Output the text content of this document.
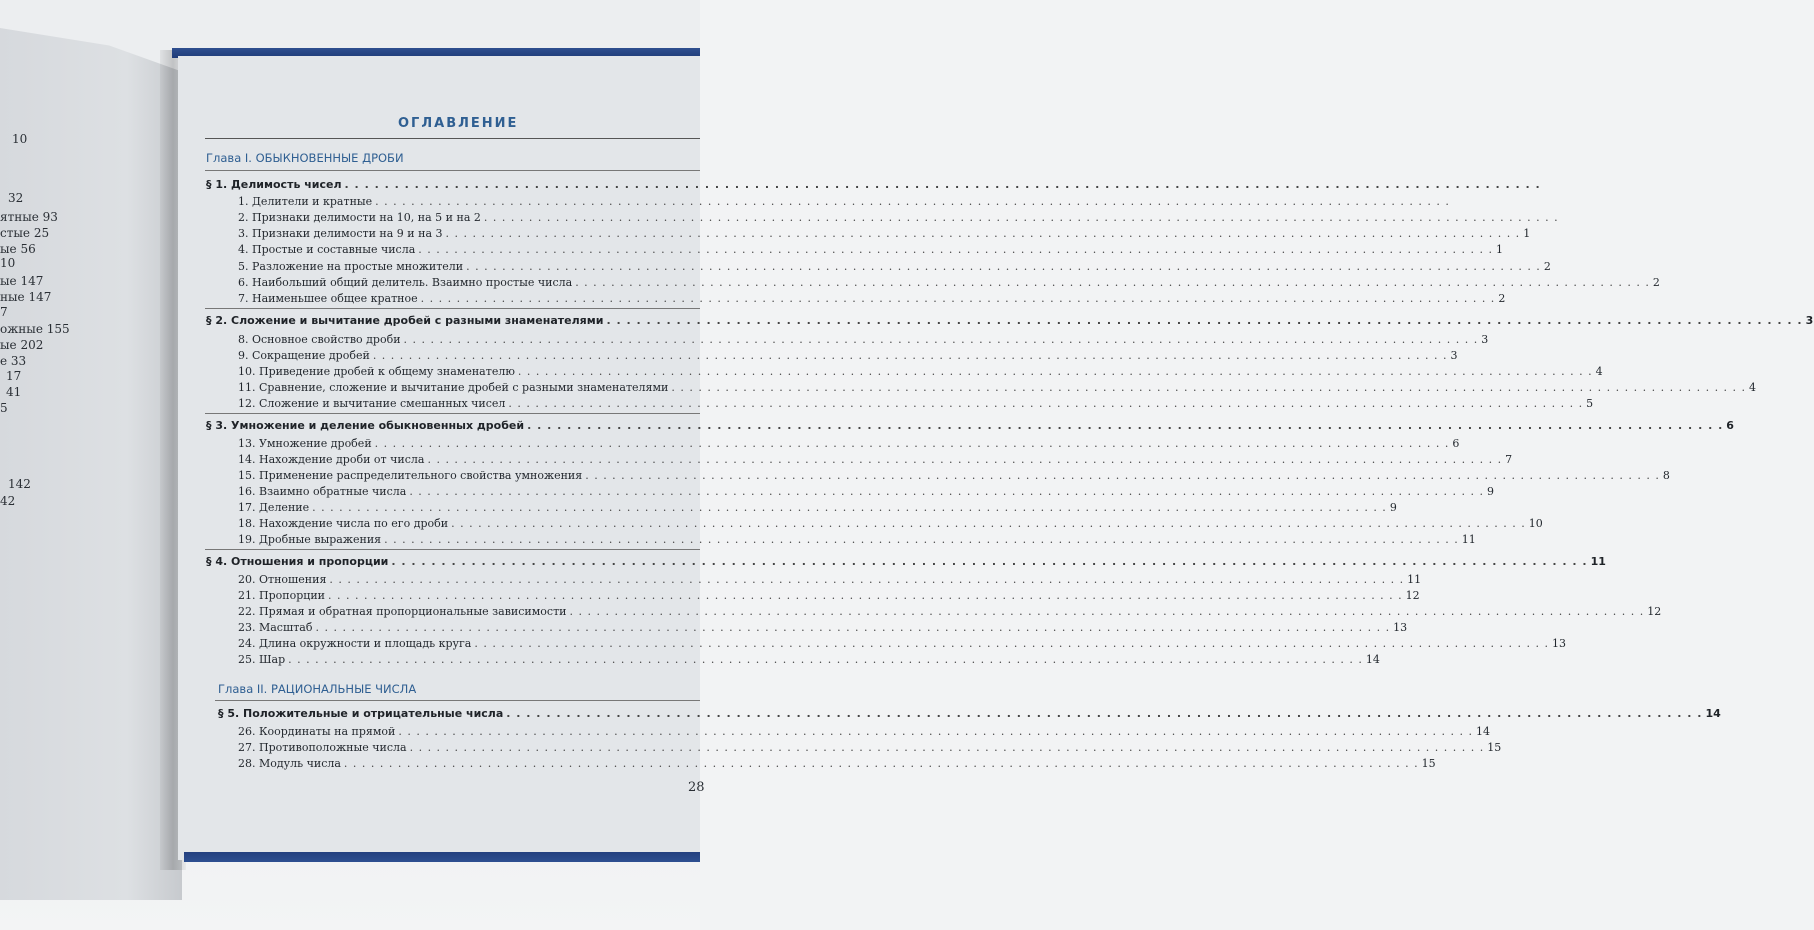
10
32
ятные 93
стые 25
ые 56
10
ые 147
ные 147
7
ожные 155
ые 202
е 33
17
41
5
142
42
ОГЛАВЛЕНИЕ
Глава I. ОБЫКНОВЕННЫЕ ДРОБИ
Глава II. РАЦИОНАЛЬНЫЕ ЧИСЛА
§ 1. Делимость чисел . . . . . . . . . . . . . . . . . . . . . . . . . . . . . . . . . . . . . . . . . . . . . . . . . . . . . . . . . . . . . . . . . . . . . . . . . . . . . . . . . . . . . . . . . . . . . . . . . . . . . . . . . . . . . . . . . . . . . . . .
1. Делители и кратные . . . . . . . . . . . . . . . . . . . . . . . . . . . . . . . . . . . . . . . . . . . . . . . . . . . . . . . . . . . . . . . . . . . . . . . . . . . . . . . . . . . . . . . . . . . . . . . . . . . . . . . . . . . . . . . . . . . . . . . .
2. Признаки делимости на 10, на 5 и на 2 . . . . . . . . . . . . . . . . . . . . . . . . . . . . . . . . . . . . . . . . . . . . . . . . . . . . . . . . . . . . . . . . . . . . . . . . . . . . . . . . . . . . . . . . . . . . . . . . . . . . . . . . . . . . . . . . . . . . . . . .
3. Признаки делимости на 9 и на 3 . . . . . . . . . . . . . . . . . . . . . . . . . . . . . . . . . . . . . . . . . . . . . . . . . . . . . . . . . . . . . . . . . . . . . . . . . . . . . . . . . . . . . . . . . . . . . . . . . . . . . . . . . . . . . . . . . . . . . . . . 1
4. Простые и составные числа . . . . . . . . . . . . . . . . . . . . . . . . . . . . . . . . . . . . . . . . . . . . . . . . . . . . . . . . . . . . . . . . . . . . . . . . . . . . . . . . . . . . . . . . . . . . . . . . . . . . . . . . . . . . . . . . . . . . . . . . 1
5. Разложение на простые множители . . . . . . . . . . . . . . . . . . . . . . . . . . . . . . . . . . . . . . . . . . . . . . . . . . . . . . . . . . . . . . . . . . . . . . . . . . . . . . . . . . . . . . . . . . . . . . . . . . . . . . . . . . . . . . . . . . . . . . . . 2
6. Наибольший общий делитель. Взаимно простые числа . . . . . . . . . . . . . . . . . . . . . . . . . . . . . . . . . . . . . . . . . . . . . . . . . . . . . . . . . . . . . . . . . . . . . . . . . . . . . . . . . . . . . . . . . . . . . . . . . . . . . . . . . . . . . . . . . . . . . . . . 2
7. Наименьшее общее кратное . . . . . . . . . . . . . . . . . . . . . . . . . . . . . . . . . . . . . . . . . . . . . . . . . . . . . . . . . . . . . . . . . . . . . . . . . . . . . . . . . . . . . . . . . . . . . . . . . . . . . . . . . . . . . . . . . . . . . . . . 2
§ 2. Сложение и вычитание дробей с разными знаменателями . . . . . . . . . . . . . . . . . . . . . . . . . . . . . . . . . . . . . . . . . . . . . . . . . . . . . . . . . . . . . . . . . . . . . . . . . . . . . . . . . . . . . . . . . . . . . . . . . . . . . . . . . . . . . . . . . . . . . . . . 3
8. Основное свойство дроби . . . . . . . . . . . . . . . . . . . . . . . . . . . . . . . . . . . . . . . . . . . . . . . . . . . . . . . . . . . . . . . . . . . . . . . . . . . . . . . . . . . . . . . . . . . . . . . . . . . . . . . . . . . . . . . . . . . . . . . . 3
9. Сокращение дробей . . . . . . . . . . . . . . . . . . . . . . . . . . . . . . . . . . . . . . . . . . . . . . . . . . . . . . . . . . . . . . . . . . . . . . . . . . . . . . . . . . . . . . . . . . . . . . . . . . . . . . . . . . . . . . . . . . . . . . . . 3
10. Приведение дробей к общему знаменателю . . . . . . . . . . . . . . . . . . . . . . . . . . . . . . . . . . . . . . . . . . . . . . . . . . . . . . . . . . . . . . . . . . . . . . . . . . . . . . . . . . . . . . . . . . . . . . . . . . . . . . . . . . . . . . . . . . . . . . . . 4
11. Сравнение, сложение и вычитание дробей с разными знаменателями . . . . . . . . . . . . . . . . . . . . . . . . . . . . . . . . . . . . . . . . . . . . . . . . . . . . . . . . . . . . . . . . . . . . . . . . . . . . . . . . . . . . . . . . . . . . . . . . . . . . . . . . . . . . . . . . . . . . . . . . 4
12. Сложение и вычитание смешанных чисел . . . . . . . . . . . . . . . . . . . . . . . . . . . . . . . . . . . . . . . . . . . . . . . . . . . . . . . . . . . . . . . . . . . . . . . . . . . . . . . . . . . . . . . . . . . . . . . . . . . . . . . . . . . . . . . . . . . . . . . . 5
§ 3. Умножение и деление обыкновенных дробей . . . . . . . . . . . . . . . . . . . . . . . . . . . . . . . . . . . . . . . . . . . . . . . . . . . . . . . . . . . . . . . . . . . . . . . . . . . . . . . . . . . . . . . . . . . . . . . . . . . . . . . . . . . . . . . . . . . . . . . . 6
13. Умножение дробей . . . . . . . . . . . . . . . . . . . . . . . . . . . . . . . . . . . . . . . . . . . . . . . . . . . . . . . . . . . . . . . . . . . . . . . . . . . . . . . . . . . . . . . . . . . . . . . . . . . . . . . . . . . . . . . . . . . . . . . . 6
14. Нахождение дроби от числа . . . . . . . . . . . . . . . . . . . . . . . . . . . . . . . . . . . . . . . . . . . . . . . . . . . . . . . . . . . . . . . . . . . . . . . . . . . . . . . . . . . . . . . . . . . . . . . . . . . . . . . . . . . . . . . . . . . . . . . . 7
15. Применение распределительного свойства умножения . . . . . . . . . . . . . . . . . . . . . . . . . . . . . . . . . . . . . . . . . . . . . . . . . . . . . . . . . . . . . . . . . . . . . . . . . . . . . . . . . . . . . . . . . . . . . . . . . . . . . . . . . . . . . . . . . . . . . . . . 8
16. Взаимно обратные числа . . . . . . . . . . . . . . . . . . . . . . . . . . . . . . . . . . . . . . . . . . . . . . . . . . . . . . . . . . . . . . . . . . . . . . . . . . . . . . . . . . . . . . . . . . . . . . . . . . . . . . . . . . . . . . . . . . . . . . . . 9
17. Деление . . . . . . . . . . . . . . . . . . . . . . . . . . . . . . . . . . . . . . . . . . . . . . . . . . . . . . . . . . . . . . . . . . . . . . . . . . . . . . . . . . . . . . . . . . . . . . . . . . . . . . . . . . . . . . . . . . . . . . . . 9
18. Нахождение числа по его дроби . . . . . . . . . . . . . . . . . . . . . . . . . . . . . . . . . . . . . . . . . . . . . . . . . . . . . . . . . . . . . . . . . . . . . . . . . . . . . . . . . . . . . . . . . . . . . . . . . . . . . . . . . . . . . . . . . . . . . . . . 10
19. Дробные выражения . . . . . . . . . . . . . . . . . . . . . . . . . . . . . . . . . . . . . . . . . . . . . . . . . . . . . . . . . . . . . . . . . . . . . . . . . . . . . . . . . . . . . . . . . . . . . . . . . . . . . . . . . . . . . . . . . . . . . . . . 11
§ 4. Отношения и пропорции . . . . . . . . . . . . . . . . . . . . . . . . . . . . . . . . . . . . . . . . . . . . . . . . . . . . . . . . . . . . . . . . . . . . . . . . . . . . . . . . . . . . . . . . . . . . . . . . . . . . . . . . . . . . . . . . . . . . . . . . 11
20. Отношения . . . . . . . . . . . . . . . . . . . . . . . . . . . . . . . . . . . . . . . . . . . . . . . . . . . . . . . . . . . . . . . . . . . . . . . . . . . . . . . . . . . . . . . . . . . . . . . . . . . . . . . . . . . . . . . . . . . . . . . . 11
21. Пропорции . . . . . . . . . . . . . . . . . . . . . . . . . . . . . . . . . . . . . . . . . . . . . . . . . . . . . . . . . . . . . . . . . . . . . . . . . . . . . . . . . . . . . . . . . . . . . . . . . . . . . . . . . . . . . . . . . . . . . . . . 12
22. Прямая и обратная пропорциональные зависимости . . . . . . . . . . . . . . . . . . . . . . . . . . . . . . . . . . . . . . . . . . . . . . . . . . . . . . . . . . . . . . . . . . . . . . . . . . . . . . . . . . . . . . . . . . . . . . . . . . . . . . . . . . . . . . . . . . . . . . . . 12
23. Масштаб . . . . . . . . . . . . . . . . . . . . . . . . . . . . . . . . . . . . . . . . . . . . . . . . . . . . . . . . . . . . . . . . . . . . . . . . . . . . . . . . . . . . . . . . . . . . . . . . . . . . . . . . . . . . . . . . . . . . . . . . 13
24. Длина окружности и площадь круга . . . . . . . . . . . . . . . . . . . . . . . . . . . . . . . . . . . . . . . . . . . . . . . . . . . . . . . . . . . . . . . . . . . . . . . . . . . . . . . . . . . . . . . . . . . . . . . . . . . . . . . . . . . . . . . . . . . . . . . . 13
25. Шар . . . . . . . . . . . . . . . . . . . . . . . . . . . . . . . . . . . . . . . . . . . . . . . . . . . . . . . . . . . . . . . . . . . . . . . . . . . . . . . . . . . . . . . . . . . . . . . . . . . . . . . . . . . . . . . . . . . . . . . . 14
§ 5. Положительные и отрицательные числа . . . . . . . . . . . . . . . . . . . . . . . . . . . . . . . . . . . . . . . . . . . . . . . . . . . . . . . . . . . . . . . . . . . . . . . . . . . . . . . . . . . . . . . . . . . . . . . . . . . . . . . . . . . . . . . . . . . . . . . . 14
26. Координаты на прямой . . . . . . . . . . . . . . . . . . . . . . . . . . . . . . . . . . . . . . . . . . . . . . . . . . . . . . . . . . . . . . . . . . . . . . . . . . . . . . . . . . . . . . . . . . . . . . . . . . . . . . . . . . . . . . . . . . . . . . . . 14
27. Противоположные числа . . . . . . . . . . . . . . . . . . . . . . . . . . . . . . . . . . . . . . . . . . . . . . . . . . . . . . . . . . . . . . . . . . . . . . . . . . . . . . . . . . . . . . . . . . . . . . . . . . . . . . . . . . . . . . . . . . . . . . . . 15
28. Модуль числа . . . . . . . . . . . . . . . . . . . . . . . . . . . . . . . . . . . . . . . . . . . . . . . . . . . . . . . . . . . . . . . . . . . . . . . . . . . . . . . . . . . . . . . . . . . . . . . . . . . . . . . . . . . . . . . . . . . . . . . . 15
28
